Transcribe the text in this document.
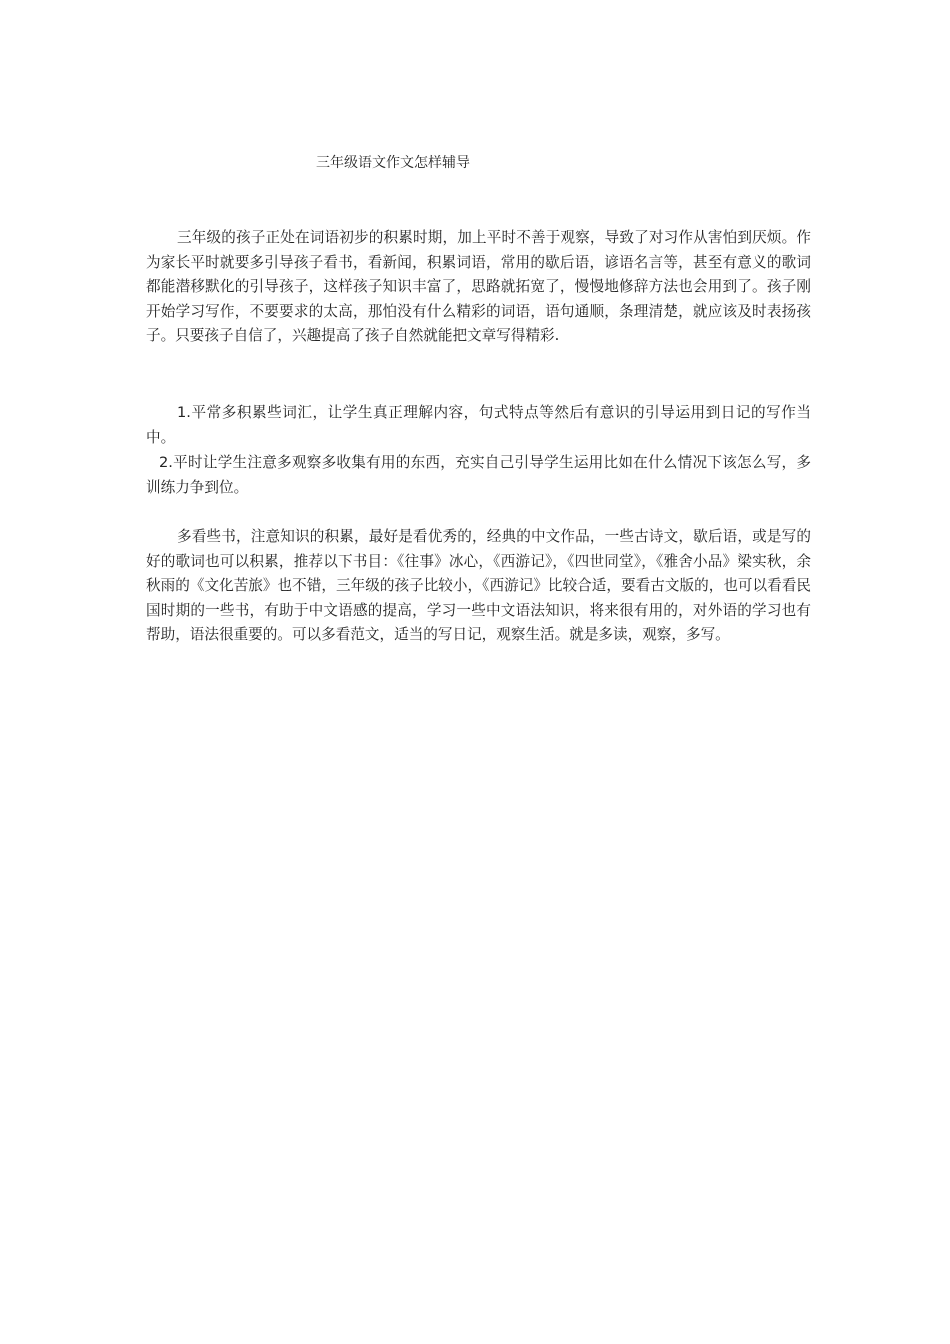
三年级语文作文怎样辅导

三年级的孩子正处在词语初步的积累时期，加上平时不善于观察，导致了对习作从害怕到厌烦。作为家长平时就要多引导孩子看书，看新闻，积累词语，常用的歇后语，谚语名言等，甚至有意义的歌词都能潜移默化的引导孩子，这样孩子知识丰富了，思路就拓宽了，慢慢地修辞方法也会用到了。孩子刚开始学习写作，不要要求的太高，那怕没有什么精彩的词语，语句通顺，条理清楚，就应该及时表扬孩子。只要孩子自信了，兴趣提高了孩子自然就能把文章写得精彩.

1.平常多积累些词汇，让学生真正理解内容，句式特点等然后有意识的引导运用到日记的写作当中。

2.平时让学生注意多观察多收集有用的东西，充实自己引导学生运用比如在什么情况下该怎么写，多训练力争到位。

多看些书，注意知识的积累，最好是看优秀的，经典的中文作品，一些古诗文，歇后语，或是写的好的歌词也可以积累，推荐以下书目：《往事》冰心，《西游记》，《四世同堂》，《雅舍小品》梁实秋，余秋雨的《文化苦旅》也不错，三年级的孩子比较小，《西游记》比较合适，要看古文版的，也可以看看民国时期的一些书，有助于中文语感的提高，学习一些中文语法知识，将来很有用的，对外语的学习也有帮助，语法很重要的。可以多看范文，适当的写日记，观察生活。就是多读，观察，多写。
